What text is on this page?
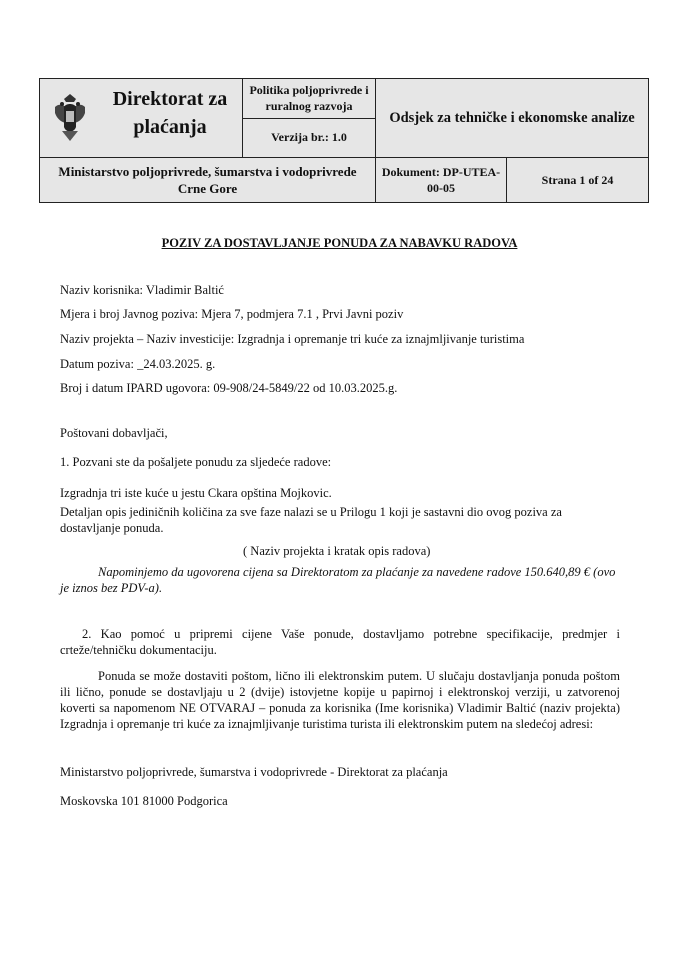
Direktorat za plaćanja	Politika poljoprivrede i ruralnog razvoja	Odsjek za tehničke i ekonomske analize	
	Verzija br.: 1.0		
Ministarstvo poljoprivrede, šumarstva i vodoprivrede Crne Gore		Dokument: DP-UTEA-00-05	Strana 1 of 24
POZIV ZA DOSTAVLJANJE PONUDA ZA NABAVKU RADOVA
Naziv korisnika: Vladimir Baltić
Mjera i broj Javnog poziva: Mjera 7, podmjera 7.1 , Prvi Javni poziv
Naziv projekta – Naziv investicije: Izgradnja i opremanje tri kuće za iznajmljivanje turistima
Datum poziva: _24.03.2025. g.
Broj i datum IPARD ugovora: 09-908/24-5849/22 od 10.03.2025.g.
Poštovani dobavljači,
1. Pozvani ste da pošaljete ponudu za sljedeće radove:
Izgradnja tri iste kuće u jestu Ckara opština Mojkovic.
Detaljan opis jediničnih količina za sve faze nalazi se u Prilogu 1 koji je sastavni dio ovog poziva za dostavljanje ponuda.
( Naziv projekta i kratak opis radova)
Napominjemo da ugovorena cijena sa Direktoratom za plaćanje za navedene radove 150.640,89 € (ovo je iznos bez PDV-a).
2. Kao pomoć u pripremi cijene Vaše ponude, dostavljamo potrebne specifikacije, predmjer i crteže/tehničku dokumentaciju.
Ponuda se može dostaviti poštom, lično ili elektronskim putem. U slučaju dostavljanja ponuda poštom ili lično, ponude se dostavljaju u 2 (dvije) istovjetne kopije u papirnoj i elektronskoj verziji, u zatvorenoj koverti sa napomenom NE OTVARAJ – ponuda za korisnika (Ime korisnika) Vladimir Baltić (naziv projekta) Izgradnja i opremanje tri kuće za iznajmljivanje turistima turista ili elektronskim putem na sledećoj adresi:
Ministarstvo poljoprivrede, šumarstva i vodoprivrede - Direktorat za plaćanja
Moskovska 101 81000 Podgorica
